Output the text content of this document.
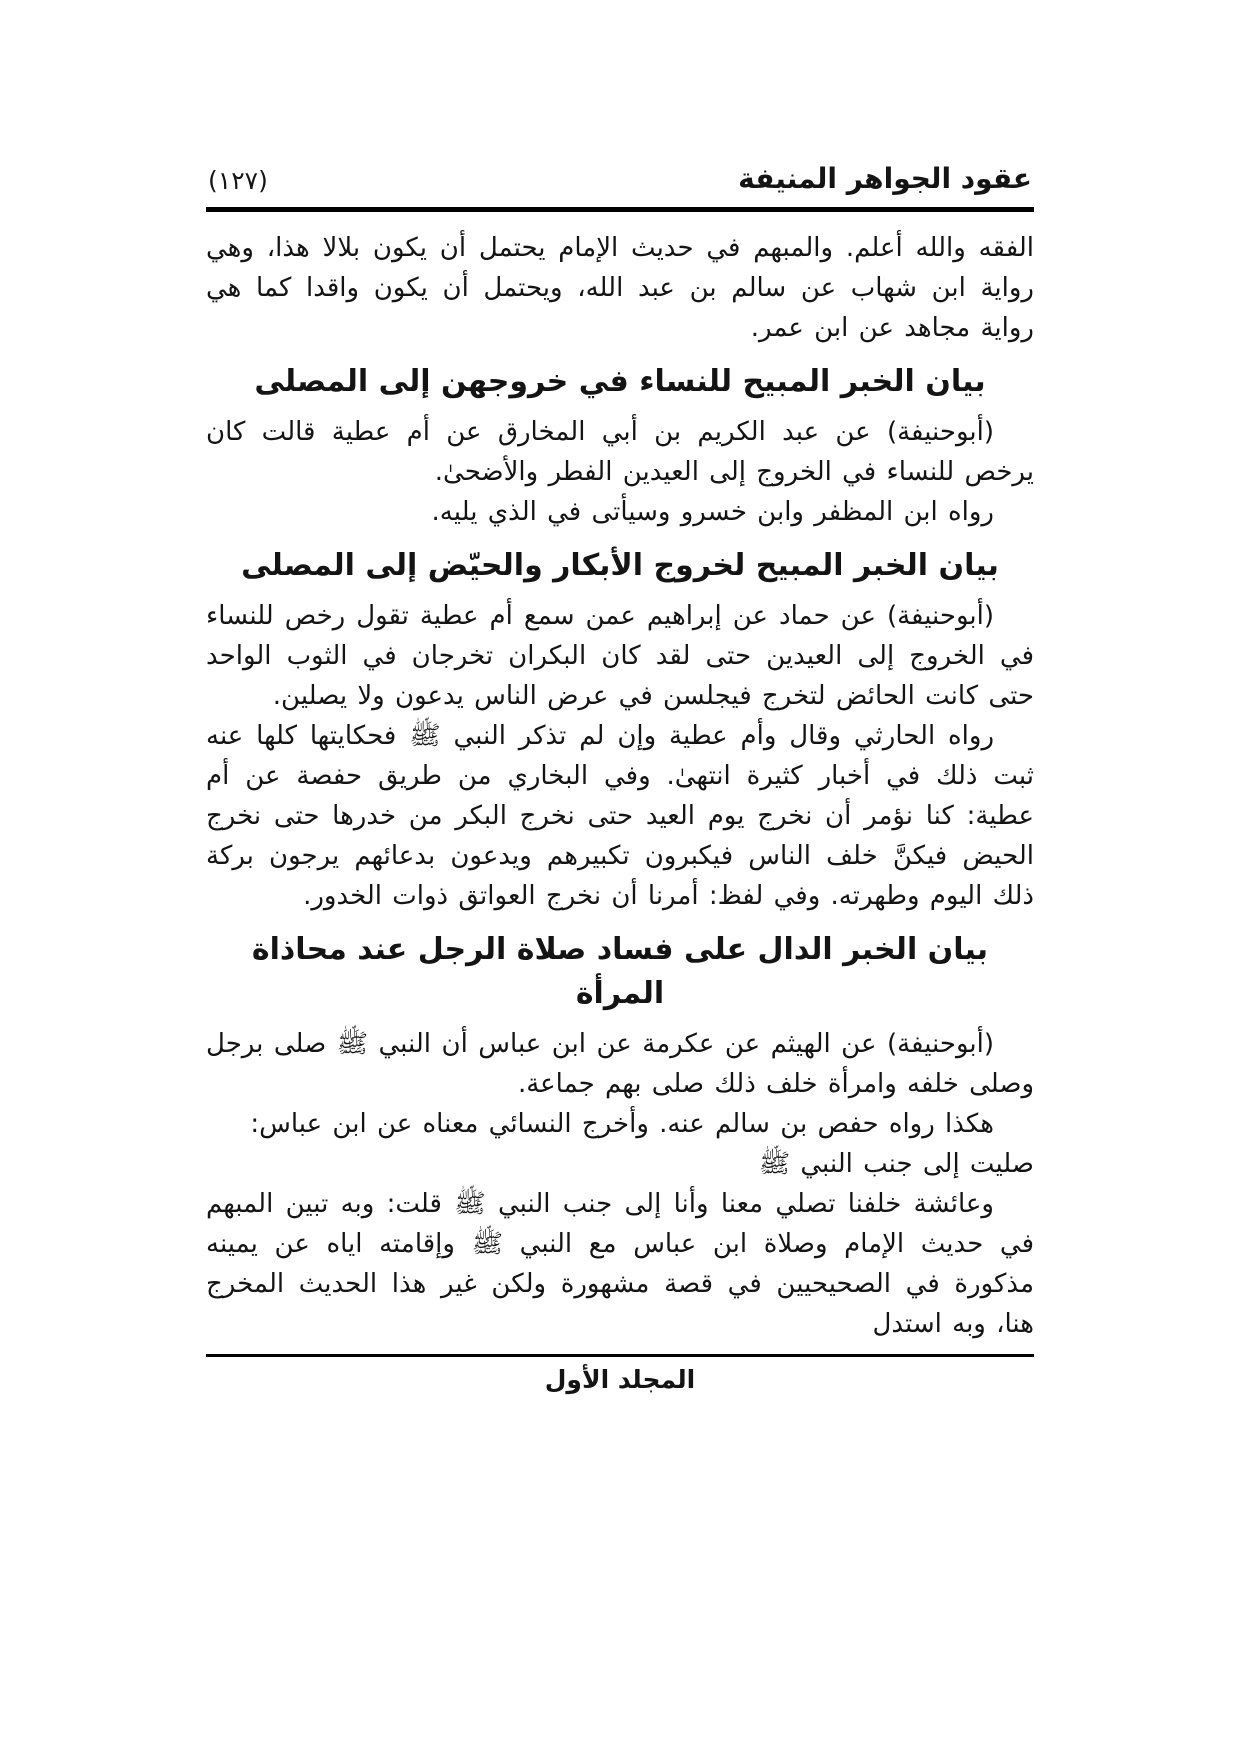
عقود الجواهر المنيفة
(١٢٧)

الفقه والله أعلم. والمبهم في حديث الإمام يحتمل أن يكون بلالا هذا، وهي رواية ابن شهاب عن سالم بن عبد الله، ويحتمل أن يكون واقدا كما هي رواية مجاهد عن ابن عمر.

بيان الخبر المبيح للنساء في خروجهن إلى المصلى

(أبوحنيفة) عن عبد الكريم بن أبي المخارق عن أم عطية قالت كان يرخص للنساء في الخروج إلى العيدين الفطر والأضحىٰ.

رواه ابن المظفر وابن خسرو وسيأتى في الذي يليه.

بيان الخبر المبيح لخروج الأبكار والحيّض إلى المصلى

(أبوحنيفة) عن حماد عن إبراهيم عمن سمع أم عطية تقول رخص للنساء في الخروج إلى العيدين حتى لقد كان البكران تخرجان في الثوب الواحد حتى كانت الحائض لتخرج فيجلسن في عرض الناس يدعون ولا يصلين.

رواه الحارثي وقال وأم عطية وإن لم تذكر النبي ﷺ فحكايتها كلها عنه ثبت ذلك في أخبار كثيرة انتهىٰ. وفي البخاري من طريق حفصة عن أم عطية: كنا نؤمر أن نخرج يوم العيد حتى نخرج البكر من خدرها حتى نخرج الحيض فيكنَّ خلف الناس فيكبرون تكبيرهم ويدعون بدعائهم يرجون بركة ذلك اليوم وطهرته. وفي لفظ: أمرنا أن نخرج العواتق ذوات الخدور.

بيان الخبر الدال على فساد صلاة الرجل عند محاذاة المرأة

(أبوحنيفة) عن الهيثم عن عكرمة عن ابن عباس أن النبي ﷺ صلى برجل وصلى خلفه وامرأة خلف ذلك صلى بهم جماعة.

هكذا رواه حفص بن سالم عنه. وأخرج النسائي معناه عن ابن عباس:

صليت إلى جنب النبي ﷺ

وعائشة خلفنا تصلي معنا وأنا إلى جنب النبي ﷺ قلت: وبه تبين المبهم في حديث الإمام وصلاة ابن عباس مع النبي ﷺ وإقامته اياه عن يمينه مذكورة في الصحيحيين في قصة مشهورة ولكن غير هذا الحديث المخرج هنا، وبه استدل

المجلد الأول
